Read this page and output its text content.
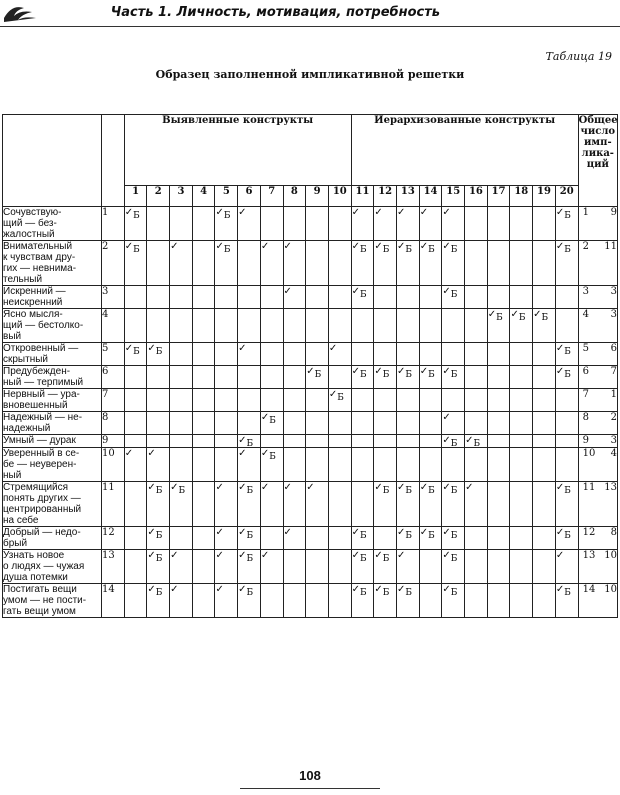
Часть 1. Личность, мотивация, потребность
Таблица 19
Образец заполненной импликативной решетки
		Выявленные конструкты										Иерархизованные конструкты										Общее
число
имп-
лика-
ций
		1	2	3	4	5	6	7	8	9	10	11	12	13	14	15	16	17	18	19	20	
Сочувствую-
щий — без-
жалостный	1	✓Б				✓Б	✓					✓	✓	✓	✓	✓					✓Б	1 9
Внимательный
к чувствам дру-
гих — невнима-
тельный	2	✓Б		✓		✓Б		✓	✓			✓Б	✓Б	✓Б	✓Б	✓Б					✓Б	2 11
Искренний —
неискренний	3								✓			✓Б				✓Б						3 3
Ясно мысля-
щий — бестолко-
вый	4																	✓Б	✓Б	✓Б		4 3
Откровенный —
скрытный	5	✓Б	✓Б				✓				✓										✓Б	5 6
Предубежден-
ный — терпимый	6									✓Б		✓Б	✓Б	✓Б	✓Б	✓Б					✓Б	6 7
Нервный — ура-
вновешенный	7										✓Б											7 1
Надежный — не-
надежный	8							✓Б								✓						8 2
Умный — дурак	9						✓Б									✓Б	✓Б					9 3
Уверенный в се-
бе — неуверен-
ный	10	✓	✓				✓	✓Б														10 4
Стремящийся
понять других —
центрированный
на себе	11		✓Б	✓Б		✓	✓Б	✓	✓	✓			✓Б	✓Б	✓Б	✓Б	✓				✓Б	11 13
Добрый — недо-
брый	12		✓Б			✓	✓Б		✓			✓Б		✓Б	✓Б	✓Б					✓Б	12 8
Узнать новое
о людях — чужая
душа потемки	13		✓Б	✓		✓	✓Б	✓				✓Б	✓Б	✓		✓Б					✓	13 10
Постигать вещи
умом — не пости-
гать вещи умом	14		✓Б	✓		✓	✓Б					✓Б	✓Б	✓Б		✓Б					✓Б	14 10
108
